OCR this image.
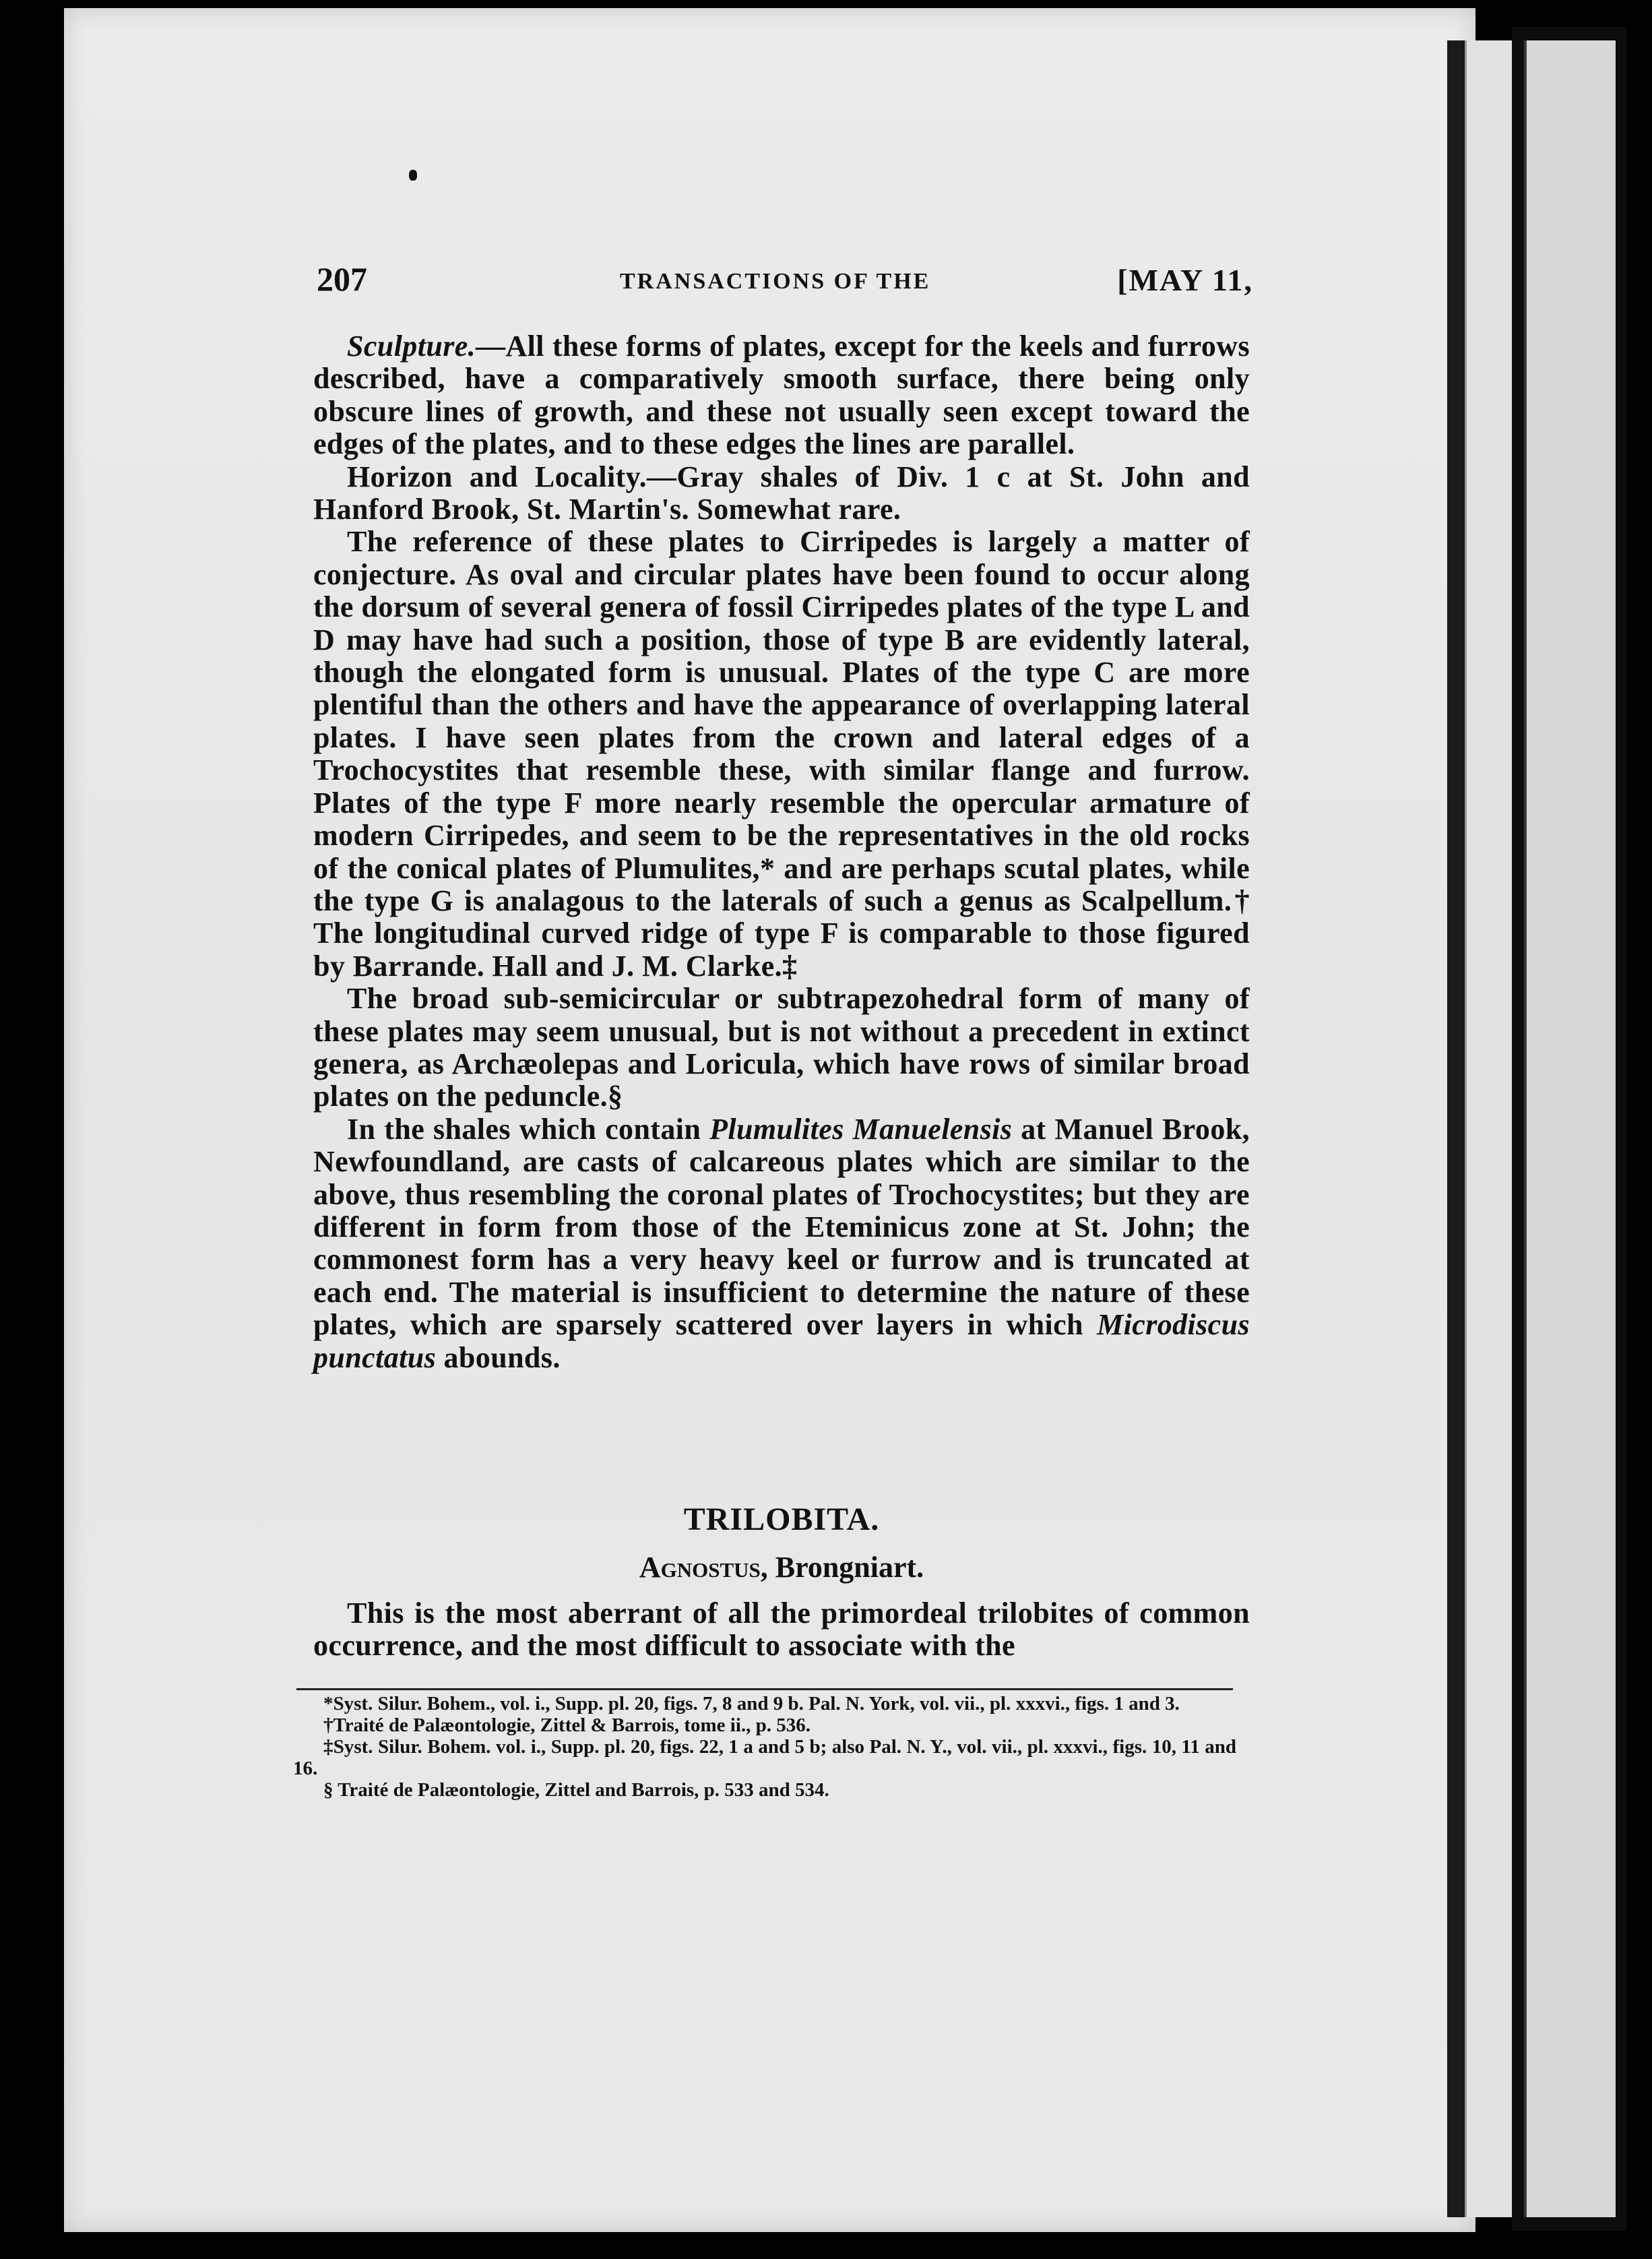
207	TRANSACTIONS OF THE	[MAY 11,

Sculpture.—All these forms of plates, except for the keels and furrows described, have a comparatively smooth surface, there being only obscure lines of growth, and these not usually seen except toward the edges of the plates, and to these edges the lines are parallel.

Horizon and Locality.—Gray shales of Div. 1 c at St. John and Hanford Brook, St. Martin's. Somewhat rare.

The reference of these plates to Cirripedes is largely a matter of conjecture. As oval and circular plates have been found to occur along the dorsum of several genera of fossil Cirripedes plates of the type L and D may have had such a position, those of type B are evidently lateral, though the elongated form is unusual. Plates of the type C are more plentiful than the others and have the appearance of overlapping lateral plates. I have seen plates from the crown and lateral edges of a Trochocystites that resemble these, with similar flange and furrow. Plates of the type F more nearly resemble the opercular armature of modern Cirripedes, and seem to be the representatives in the old rocks of the conical plates of Plumulites,* and are perhaps scutal plates, while the type G is analagous to the laterals of such a genus as Scalpellum.† The longitudinal curved ridge of type F is comparable to those figured by Barrande. Hall and J. M. Clarke.‡

The broad sub-semicircular or subtrapezohedral form of many of these plates may seem unusual, but is not without a precedent in extinct genera, as Archæolepas and Loricula, which have rows of similar broad plates on the peduncle.§

In the shales which contain Plumulites Manuelensis at Manuel Brook, Newfoundland, are casts of calcareous plates which are similar to the above, thus resembling the coronal plates of Trochocystites; but they are different in form from those of the Eteminicus zone at St. John; the commonest form has a very heavy keel or furrow and is truncated at each end. The material is insufficient to determine the nature of these plates, which are sparsely scattered over layers in which Microdiscus punctatus abounds.

TRILOBITA.
Agnostus, Brongniart.

This is the most aberrant of all the primordeal trilobites of common occurrence, and the most difficult to associate with the

*Syst. Silur. Bohem., vol. i., Supp. pl. 20, figs. 7, 8 and 9 b. Pal. N. York, vol. vii., pl. xxxvi., figs. 1 and 3.

†Traité de Palæontologie, Zittel & Barrois, tome ii., p. 536.

‡Syst. Silur. Bohem. vol. i., Supp. pl. 20, figs. 22, 1 a and 5 b; also Pal. N. Y., vol. vii., pl. xxxvi., figs. 10, 11 and 16.

§ Traité de Palæontologie, Zittel and Barrois, p. 533 and 534.
